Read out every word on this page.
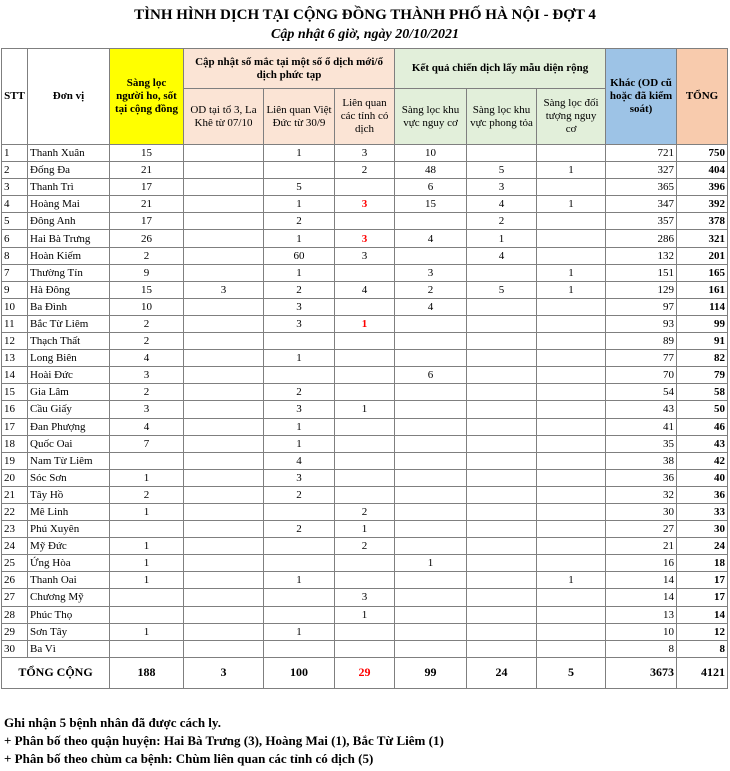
TÌNH HÌNH DỊCH TẠI CỘNG ĐỒNG THÀNH PHỐ HÀ NỘI - ĐỢT 4
Cập nhật 6 giờ, ngày 20/10/2021
STT	Đơn vị	Sàng lọc người ho, sốt tại cộng đồng	Cập nhật số mắc tại một số ổ dịch mới/ổ dịch phức tạp			Kết quả chiến dịch lấy mẫu diện rộng			Khác (OD cũ hoặc đã kiểm soát)	TỔNG
			OD tại tổ 3, La Khê từ 07/10	Liên quan Việt Đức từ 30/9	Liên quan các tỉnh có dịch	Sàng lọc khu vực nguy cơ	Sàng lọc khu vực phong tỏa	Sàng lọc đối tượng nguy cơ		
1	Thanh Xuân	15		1	3	10			721	750
2	Đống Đa	21			2	48	5	1	327	404
3	Thanh Trì	17		5		6	3		365	396
4	Hoàng Mai	21		1	3	15	4	1	347	392
5	Đông Anh	17		2			2		357	378
6	Hai Bà Trưng	26		1	3	4	1		286	321
8	Hoàn Kiếm	2		60	3		4		132	201
7	Thường Tín	9		1		3		1	151	165
9	Hà Đông	15	3	2	4	2	5	1	129	161
10	Ba Đình	10		3		4			97	114
11	Bắc Từ Liêm	2		3	1				93	99
12	Thạch Thất	2							89	91
13	Long Biên	4		1					77	82
14	Hoài Đức	3				6			70	79
15	Gia Lâm	2		2					54	58
16	Cầu Giấy	3		3	1				43	50
17	Đan Phượng	4		1					41	46
18	Quốc Oai	7		1					35	43
19	Nam Từ Liêm			4					38	42
20	Sóc Sơn	1		3					36	40
21	Tây Hồ	2		2					32	36
22	Mê Linh	1			2				30	33
23	Phú Xuyên			2	1				27	30
24	Mỹ Đức	1			2				21	24
25	Ứng Hòa	1				1			16	18
26	Thanh Oai	1		1				1	14	17
27	Chương Mỹ				3				14	17
28	Phúc Thọ				1				13	14
29	Sơn Tây	1		1					10	12
30	Ba Vì								8	8
TỔNG CỘNG		188	3	100	29	99	24	5	3673	4121
Ghi nhận 5 bệnh nhân đã được cách ly.
+ Phân bố theo quận huyện: Hai Bà Trưng (3), Hoàng Mai (1), Bắc Từ Liêm (1)
+ Phân bố theo chùm ca bệnh: Chùm liên quan các tỉnh có dịch (5)
